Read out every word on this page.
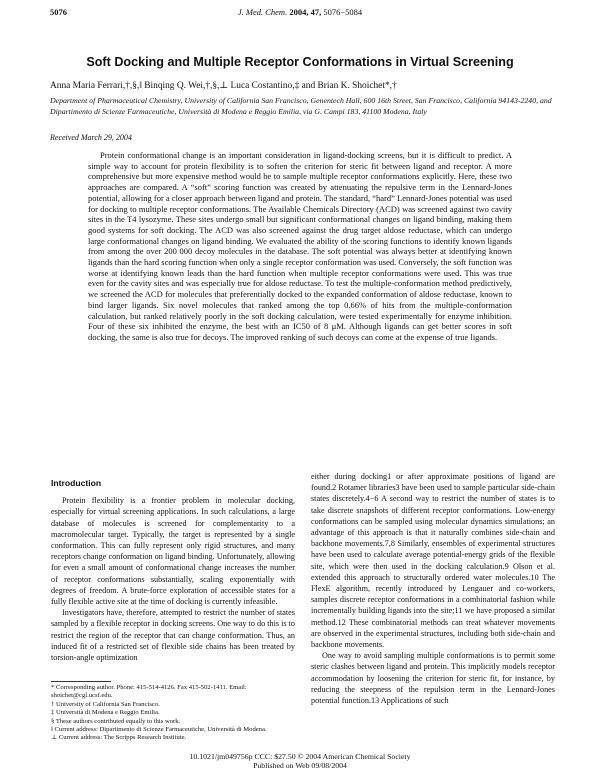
5076	J. Med. Chem. 2004, 47, 5076−5084
Soft Docking and Multiple Receptor Conformations in Virtual Screening
Anna Maria Ferrari,†,§,‖ Binqing Q. Wei,†,§,⊥ Luca Costantino,‡ and Brian K. Shoichet*,†
Department of Pharmaceutical Chemistry, University of California San Francisco, Genentech Hall, 600 16th Street, San Francisco, California 94143-2240, and Dipartimento di Scienze Farmaceutiche, Università di Modena e Reggio Emilia, via G. Campi 183, 41100 Modena, Italy
Received March 29, 2004

Protein conformational change is an important consideration in ligand-docking screens, but it is difficult to predict. A simple way to account for protein flexibility is to soften the criterion for steric fit between ligand and receptor. A more comprehensive but more expensive method would be to sample multiple receptor conformations explicitly. Here, these two approaches are compared. A “soft” scoring function was created by attenuating the repulsive term in the Lennard-Jones potential, allowing for a closer approach between ligand and protein. The standard, “hard” Lennard-Jones potential was used for docking to multiple receptor conformations. The Available Chemicals Directory (ACD) was screened against two cavity sites in the T4 lysozyme. These sites undergo small but significant conformational changes on ligand binding, making them good systems for soft docking. The ACD was also screened against the drug target aldose reductase, which can undergo large conformational changes on ligand binding. We evaluated the ability of the scoring functions to identify known ligands from among the over 200 000 decoy molecules in the database. The soft potential was always better at identifying known ligands than the hard scoring function when only a single receptor conformation was used. Conversely, the soft function was worse at identifying known leads than the hard function when multiple receptor conformations were used. This was true even for the cavity sites and was especially true for aldose reductase. To test the multiple-conformation method predictively, we screened the ACD for molecules that preferentially docked to the expanded conformation of aldose reductase, known to bind larger ligands. Six novel molecules that ranked among the top 0.66% of hits from the multiple-conformation calculation, but ranked relatively poorly in the soft docking calculation, were tested experimentally for enzyme inhibition. Four of these six inhibited the enzyme, the best with an IC50 of 8 μM. Although ligands can get better scores in soft docking, the same is also true for decoys. The improved ranking of such decoys can come at the expense of true ligands.

Introduction

Protein flexibility is a frontier problem in molecular docking, especially for virtual screening applications. In such calculations, a large database of molecules is screened for complementarity to a macromolecular target. Typically, the target is represented by a single conformation. This can fully represent only rigid structures, and many receptors change conformation on ligand binding. Unfortunately, allowing for even a small amount of conformational change increases the number of receptor conformations substantially, scaling exponentially with degrees of freedom. A brute-force exploration of accessible states for a fully flexible active site at the time of docking is currently infeasible.

Investigators have, therefore, attempted to restrict the number of states sampled by a flexible receptor in docking screens. One way to do this is to restrict the region of the receptor that can change conformation. Thus, an induced fit of a restricted set of flexible side chains has been treated by torsion-angle optimization

either during docking1 or after approximate positions of ligand are found.2 Rotamer libraries3 have been used to sample particular side-chain states discretely.4−6 A second way to restrict the number of states is to take discrete snapshots of different receptor conformations. Low-energy conformations can be sampled using molecular dynamics simulations; an advantage of this approach is that it naturally combines side-chain and backbone movements.7,8 Similarly, ensembles of experimental structures have been used to calculate average potential-energy grids of the flexible site, which were then used in the docking calculation.9 Olson et al. extended this approach to structurally ordered water molecules.10 The FlexE algorithm, recently introduced by Lengauer and co-workers, samples discrete receptor conformations in a combinatorial fashion while incrementally building ligands into the site;11 we have proposed a similar method.12 These combinatorial methods can treat whatever movements are observed in the experimental structures, including both side-chain and backbone movements.

One way to avoid sampling multiple conformations is to permit some steric clashes between ligand and protein. This implicitly models receptor accommodation by loosening the criterion for steric fit, for instance, by reducing the steepness of the repulsion term in the Lennard-Jones potential function.13 Applications of such

* Corresponding author. Phone: 415-514-4126. Fax 415-502-1411. Email: shoichet@cgl.ucsf.edu.
† University of California San Francisco.
‡ Università di Modena e Reggio Emilia.
§ These authors contributed equally to this work.
‖ Current address: Dipartimento di Scienze Farmaceutiche, Università di Modena.
⊥ Current address: The Scripps Research Institute.
10.1021/jm049756p CCC: $27.50 © 2004 American Chemical Society
Published on Web 09/08/2004
